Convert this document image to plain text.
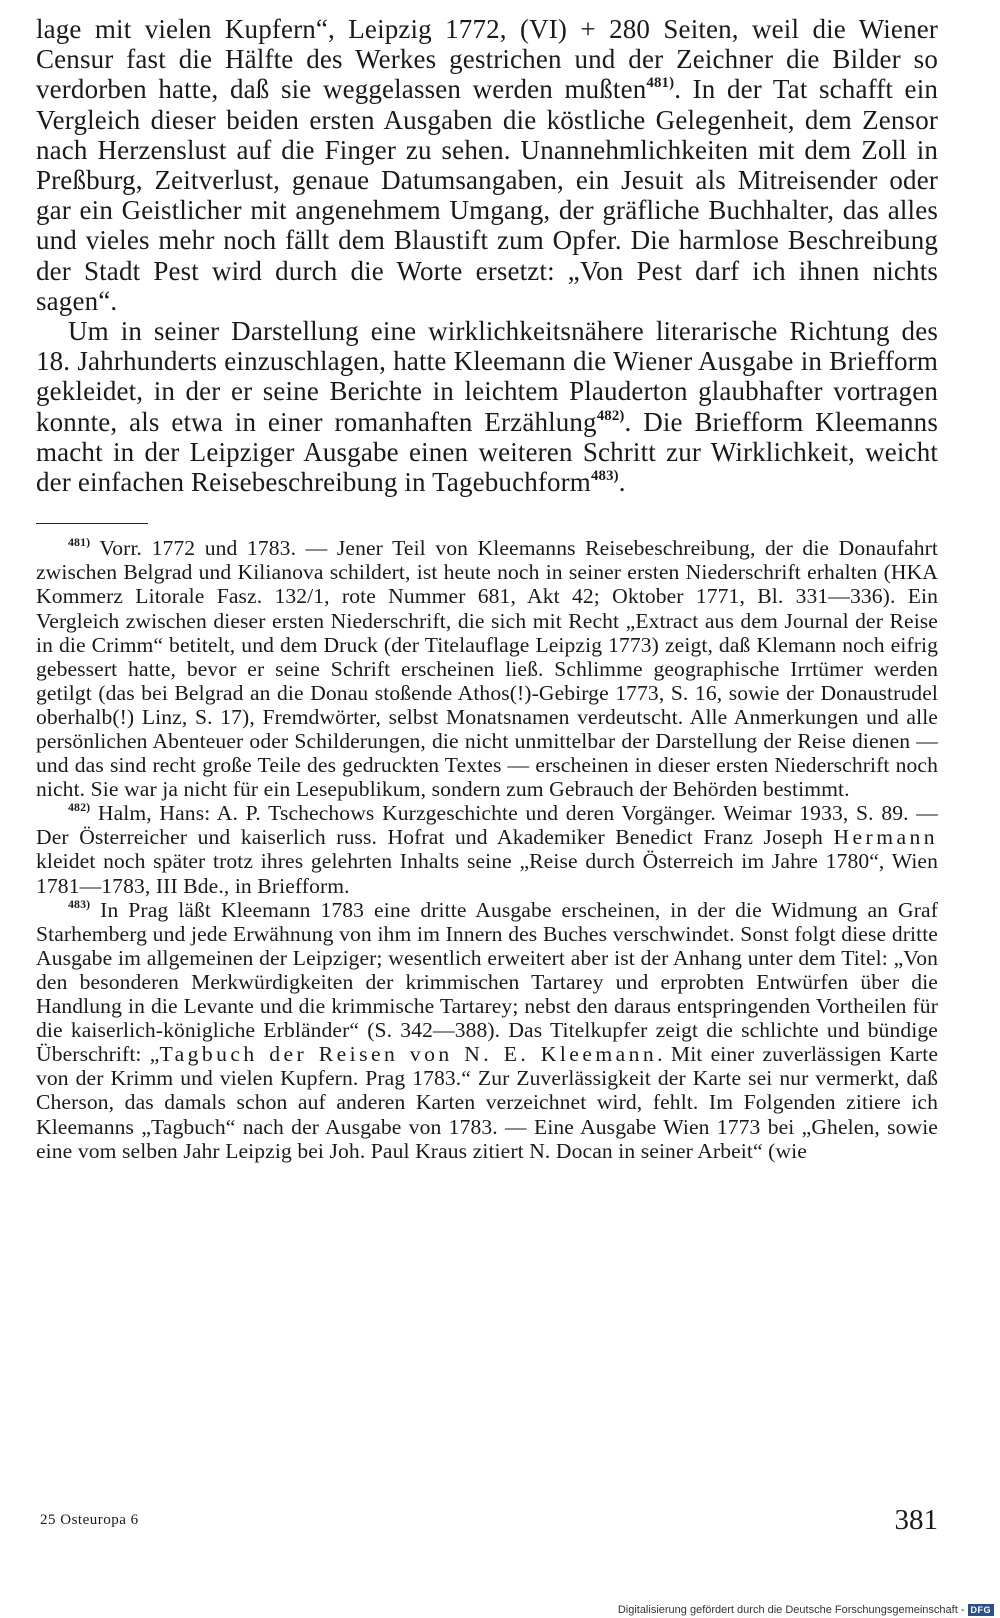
lage mit vielen Kupfern“, Leipzig 1772, (VI) + 280 Seiten, weil die Wiener Censur fast die Hälfte des Werkes gestrichen und der Zeichner die Bilder so verdorben hatte, daß sie weggelassen werden mußten$^{481)}$. In der Tat schafft ein Vergleich dieser beiden ersten Ausgaben die köstliche Gelegenheit, dem Zensor nach Herzenslust auf die Finger zu sehen. Unannehmlichkeiten mit dem Zoll in Preßburg, Zeitverlust, genaue Datumsangaben, ein Jesuit als Mitreisender oder gar ein Geistlicher mit angenehmem Umgang, der gräfliche Buchhalter, das alles und vieles mehr noch fällt dem Blaustift zum Opfer. Die harmlose Beschreibung der Stadt Pest wird durch die Worte ersetzt: „Von Pest darf ich ihnen nichts sagen“.

Um in seiner Darstellung eine wirklichkeitsnähere literarische Richtung des 18. Jahrhunderts einzuschlagen, hatte Kleemann die Wiener Ausgabe in Briefform gekleidet, in der er seine Berichte in leichtem Plauderton glaubhafter vortragen konnte, als etwa in einer romanhaften Erzählung$^{482)}$. Die Briefform Kleemanns macht in der Leipziger Ausgabe einen weiteren Schritt zur Wirklichkeit, weicht der einfachen Reisebeschreibung in Tagebuchform$^{483)}$.

$^{481)}$ Vorr. 1772 und 1783. — Jener Teil von Kleemanns Reisebeschreibung, der die Donaufahrt zwischen Belgrad und Kilianova schildert, ist heute noch in seiner ersten Niederschrift erhalten (HKA Kommerz Litorale Fasz. 132/1, rote Nummer 681, Akt 42; Oktober 1771, Bl. 331—336). Ein Vergleich zwischen dieser ersten Niederschrift, die sich mit Recht „Extract aus dem Journal der Reise in die Crimm“ betitelt, und dem Druck (der Titelauflage Leipzig 1773) zeigt, daß Klemann noch eifrig gebessert hatte, bevor er seine Schrift erscheinen ließ. Schlimme geographische Irrtümer werden getilgt (das bei Belgrad an die Donau stoßende Athos(!)-Gebirge 1773, S. 16, sowie der Donaustrudel oberhalb(!) Linz, S. 17), Fremdwörter, selbst Monatsnamen verdeutscht. Alle Anmerkungen und alle persönlichen Abenteuer oder Schilderungen, die nicht unmittelbar der Darstellung der Reise dienen — und das sind recht große Teile des gedruckten Textes — erscheinen in dieser ersten Niederschrift noch nicht. Sie war ja nicht für ein Lesepublikum, sondern zum Gebrauch der Behörden bestimmt.

$^{482)}$ Halm, Hans: A. P. Tschechows Kurzgeschichte und deren Vorgänger. Weimar 1933, S. 89. — Der Österreicher und kaiserlich russ. Hofrat und Akademiker Benedict Franz Joseph Hermann kleidet noch später trotz ihres gelehrten Inhalts seine „Reise durch Österreich im Jahre 1780“, Wien 1781—1783, III Bde., in Briefform.

$^{483)}$ In Prag läßt Kleemann 1783 eine dritte Ausgabe erscheinen, in der die Widmung an Graf Starhemberg und jede Erwähnung von ihm im Innern des Buches verschwindet. Sonst folgt diese dritte Ausgabe im allgemeinen der Leipziger; wesentlich erweitert aber ist der Anhang unter dem Titel: „Von den besonderen Merkwürdigkeiten der krimmischen Tartarey und erprobten Entwürfen über die Handlung in die Levante und die krimmische Tartarey; nebst den daraus entspringenden Vortheilen für die kaiserlich-königliche Erbländer“ (S. 342—388). Das Titelkupfer zeigt die schlichte und bündige Überschrift: „Tagbuch der Reisen von N. E. Kleemann. Mit einer zuverlässigen Karte von der Krimm und vielen Kupfern. Prag 1783.“ Zur Zuverlässigkeit der Karte sei nur vermerkt, daß Cherson, das damals schon auf anderen Karten verzeichnet wird, fehlt. Im Folgenden zitiere ich Kleemanns „Tagbuch“ nach der Ausgabe von 1783. — Eine Ausgabe Wien 1773 bei „Ghelen, sowie eine vom selben Jahr Leipzig bei Joh. Paul Kraus zitiert N. Docan in seiner Arbeit“ (wie

25 Osteuropa 6	381
Digitalisierung gefördert durch die Deutsche Forschungsgemeinschaft - DFG
